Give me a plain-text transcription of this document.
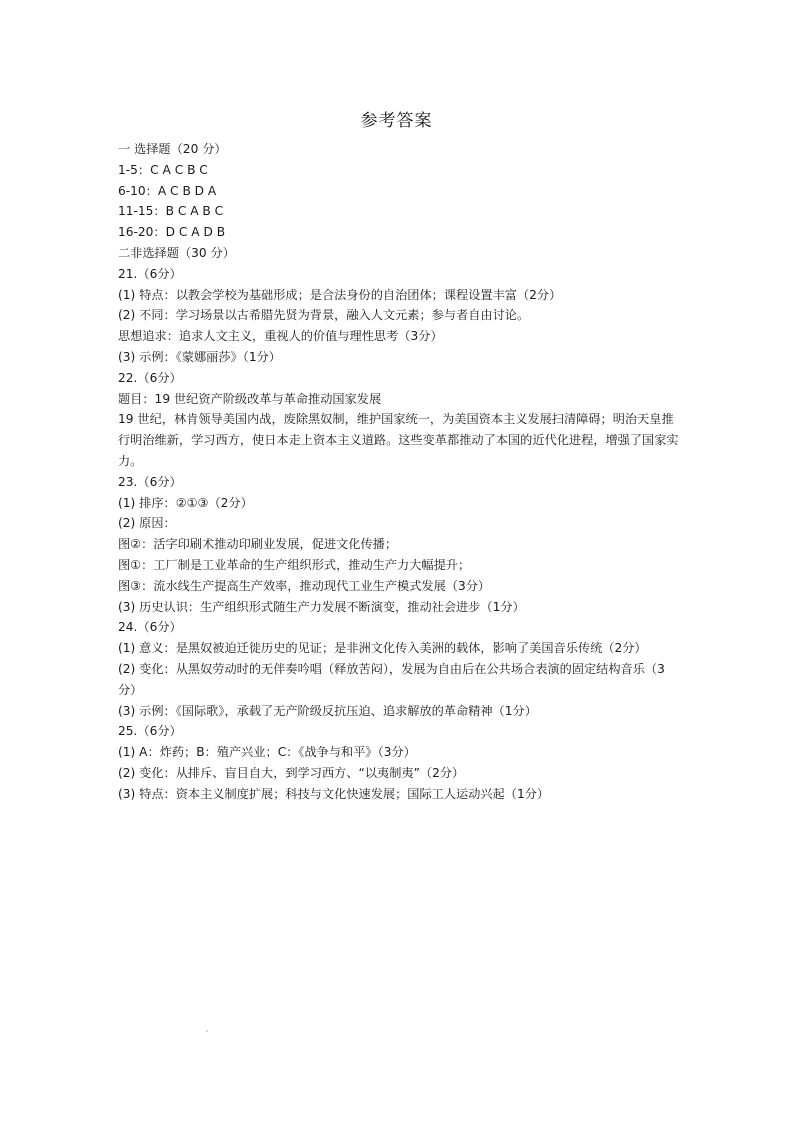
参考答案
一 选择题（20 分）
1-5：C A C B C
6-10：A C B D A
11-15：B C A B C
16-20：D C A D B
二非选择题（30 分）
21.（6分）
(1) 特点：以教会学校为基础形成；是合法身份的自治团体；课程设置丰富（2分）
(2) 不同：学习场景以古希腊先贤为背景，融入人文元素；参与者自由讨论。
思想追求：追求人文主义，重视人的价值与理性思考（3分）
(3) 示例：《蒙娜丽莎》（1分）
22.（6分）
题目：19 世纪资产阶级改革与革命推动国家发展
19 世纪，林肯领导美国内战，废除黑奴制，维护国家统一，为美国资本主义发展扫清障碍；明治天皇推行明治维新，学习西方，使日本走上资本主义道路。这些变革都推动了本国的近代化进程，增强了国家实力。
23.（6分）
(1) 排序：②①③（2分）
(2) 原因：
图②：活字印刷术推动印刷业发展，促进文化传播；
图①：工厂制是工业革命的生产组织形式，推动生产力大幅提升；
图③：流水线生产提高生产效率，推动现代工业生产模式发展（3分）
(3) 历史认识：生产组织形式随生产力发展不断演变，推动社会进步（1分）
24.（6分）
(1) 意义：是黑奴被迫迁徙历史的见证；是非洲文化传入美洲的载体，影响了美国音乐传统（2分）
(2) 变化：从黑奴劳动时的无伴奏吟唱（释放苦闷），发展为自由后在公共场合表演的固定结构音乐（3分）
(3) 示例：《国际歌》，承载了无产阶级反抗压迫、追求解放的革命精神（1分）
25.（6分）
(1) A：炸药；B：殖产兴业；C：《战争与和平》（3分）
(2) 变化：从排斥、盲目自大，到学习西方、“以夷制夷”（2分）
(3) 特点：资本主义制度扩展；科技与文化快速发展；国际工人运动兴起（1分）
